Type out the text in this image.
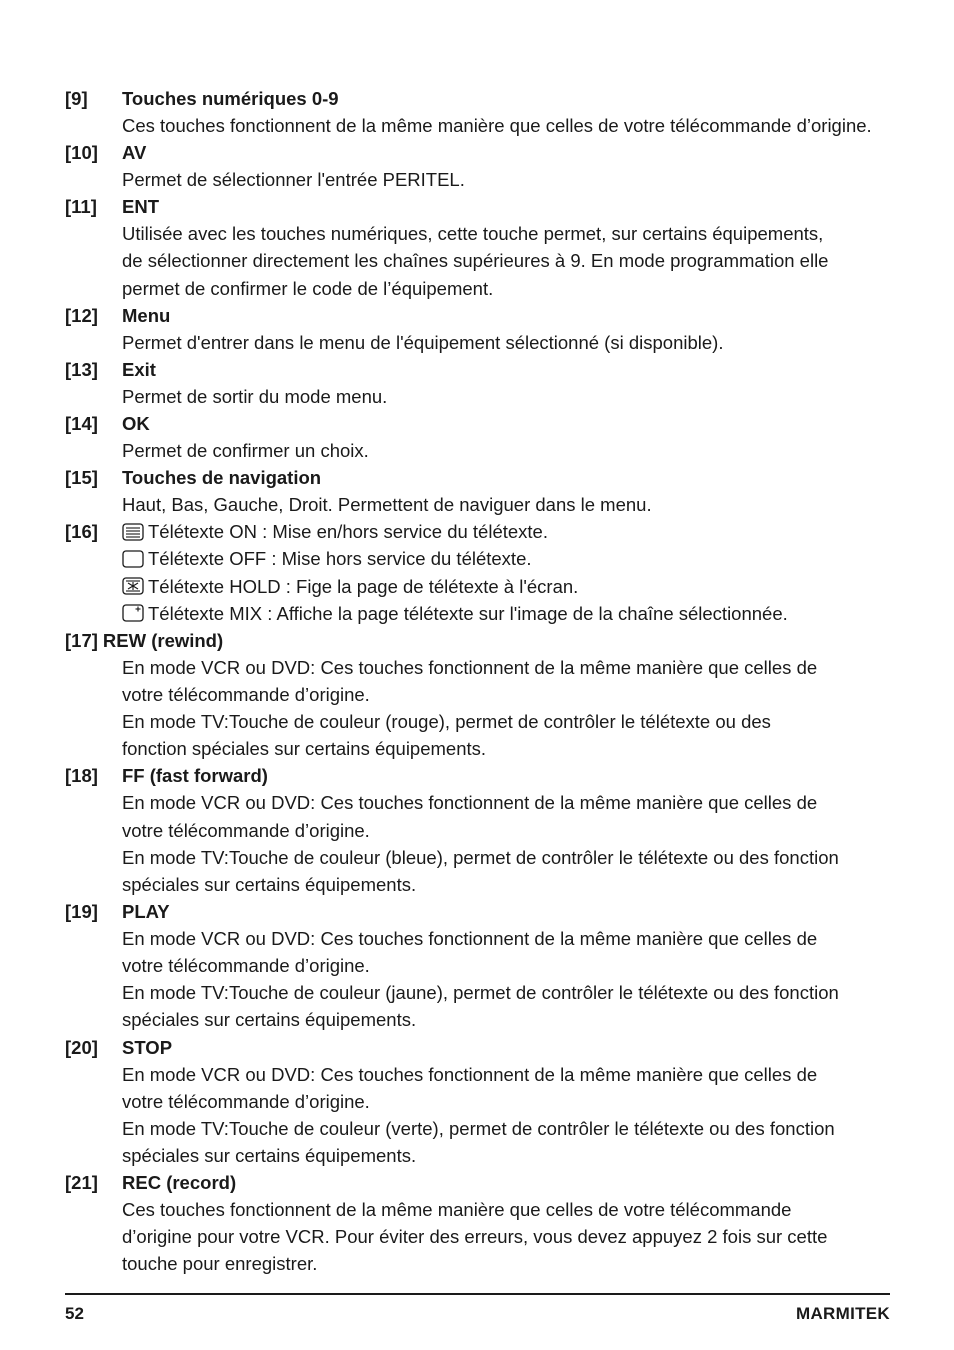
[9]	Touches numériques 0-9
Ces touches fonctionnent de la même manière que celles de votre télécommande d’origine.
[10]	AV
Permet de sélectionner l'entrée PERITEL.
[11]	ENT
Utilisée avec les touches numériques, cette touche permet, sur certains équipements,
de sélectionner directement les chaînes supérieures à 9. En mode programmation elle
permet de confirmer le code de l’équipement.
[12]	Menu
Permet d'entrer dans le menu de l'équipement sélectionné (si disponible).
[13]	Exit
Permet de sortir du mode menu.
[14]	OK
Permet de confirmer un choix.
[15]	Touches de navigation
Haut, Bas, Gauche, Droit. Permettent de naviguer dans le menu.
[16]	Télétexte ON : Mise en/hors service du télétexte.
Télétexte OFF : Mise hors service du télétexte.
Télétexte HOLD : Fige la page de télétexte à l'écran.
Télétexte MIX : Affiche la page télétexte sur l'image de la chaîne sélectionnée.
[17] REW (rewind)
En mode VCR ou DVD: Ces touches fonctionnent de la même manière que celles de
votre télécommande d’origine.
En mode TV:Touche de couleur (rouge), permet de contrôler le télétexte ou des
fonction spéciales sur certains équipements.
[18]	FF (fast forward)
En mode VCR ou DVD: Ces touches fonctionnent de la même manière que celles de
votre télécommande d’origine.
En mode TV:Touche de couleur (bleue), permet de contrôler le télétexte ou des fonction
spéciales sur certains équipements.
[19]	PLAY
En mode VCR ou DVD: Ces touches fonctionnent de la même manière que celles de
votre télécommande d’origine.
En mode TV:Touche de couleur (jaune), permet de contrôler le télétexte ou des fonction
spéciales sur certains équipements.
[20]	STOP
En mode VCR ou DVD: Ces touches fonctionnent de la même manière que celles de
votre télécommande d’origine.
En mode TV:Touche de couleur (verte), permet de contrôler le télétexte ou des fonction
spéciales sur certains équipements.
[21]	REC (record)
Ces touches fonctionnent de la même manière que celles de votre télécommande
d’origine pour votre VCR. Pour éviter des erreurs, vous devez appuyez 2 fois sur cette
touche pour enregistrer.
52	MARMITEK
